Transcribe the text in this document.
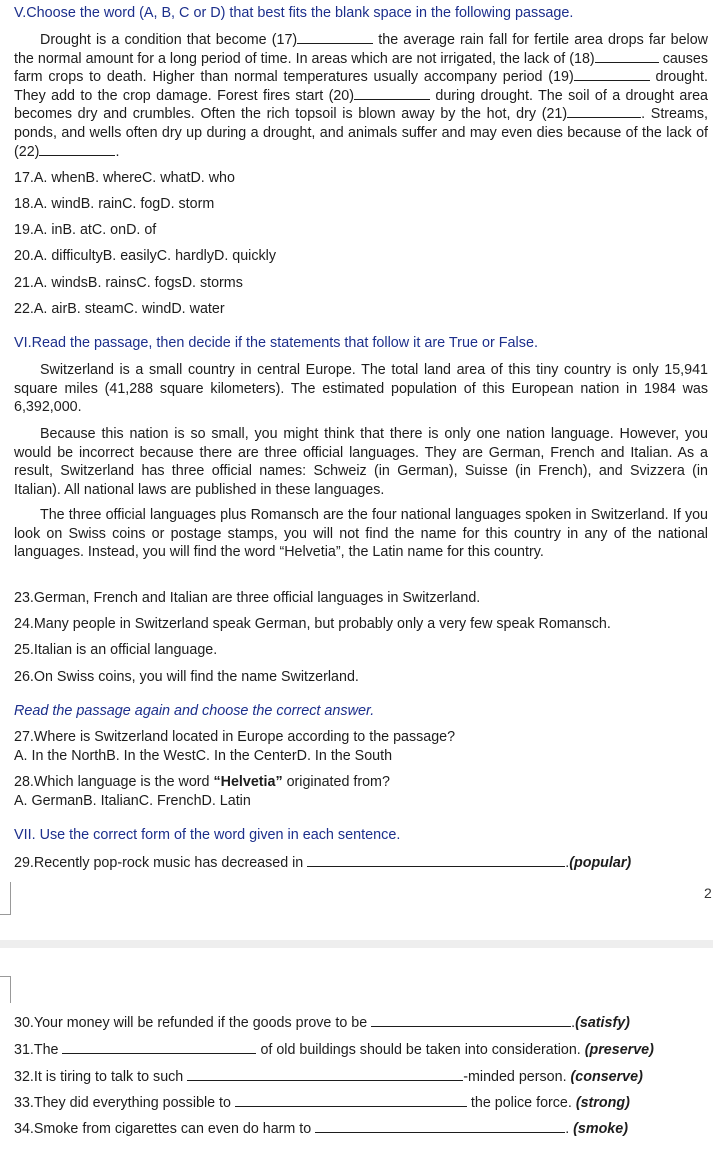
V.Choose the word (A, B, C or D) that best fits the blank space in the following passage.
Drought is a condition that become (17)	the average rain fall for fertile area drops far below the normal amount for a long period of time. In areas which are not irrigated, the lack of (18)	causes farm crops to death. Higher than normal temperatures usually accompany period (19)	drought. They add to the crop damage. Forest fires start (20)	during drought. The soil of a drought area becomes dry and crumbles. Often the rich topsoil is blown away by the hot, dry (21)	. Streams, ponds, and wells often dry up during a drought, and animals suffer and may even dies because of the lack of (22)	.
17.A. whenB. whereC. whatD. who
18.A. windB. rainC. fogD. storm
19.A. inB. atC. onD. of
20.A. difficultyB. easilyC. hardlyD. quickly
21.A. windsB. rainsC. fogsD. storms
22.A. airB. steamC. windD. water
VI.Read the passage, then decide if the statements that follow it are True or False.
Switzerland is a small country in central Europe. The total land area of this tiny country is only 15,941 square miles (41,288 square kilometers). The estimated population of this European nation in 1984 was 6,392,000.
Because this nation is so small, you might think that there is only one nation language. However, you would be incorrect because there are three official languages. They are German, French and Italian. As a result, Switzerland has three official names: Schweiz (in German), Suisse (in French), and Svizzera (in Italian). All national laws are published in these languages.
The three official languages plus Romansch are the four national languages spoken in Switzerland. If you look on Swiss coins or postage stamps, you will not find the name for this country in any of the national languages. Instead, you will find the word “Helvetia”, the Latin name for this country.
23.German, French and Italian are three official languages in Switzerland.
24.Many people in Switzerland speak German, but probably only a very few speak Romansch.
25.Italian is an official language.
26.On Swiss coins, you will find the name Switzerland.
Read the passage again and choose the correct answer.
27.Where is Switzerland located in Europe according to the passage?
A. In the NorthB. In the WestC. In the CenterD. In the South
28.Which language is the word “Helvetia” originated from?
A. GermanB. ItalianC. FrenchD. Latin
VII. Use the correct form of the word given in each sentence.
29.Recently pop-rock music has decreased in	.(popular)
2
30.Your money will be refunded if the goods prove to be	.(satisfy)
31.The	of old buildings should be taken into consideration. (preserve)
32.It is tiring to talk to such	-minded person. (conserve)
33.They did everything possible to	the police force. (strong)
34.Smoke from cigarettes can even do harm to	. (smoke)
